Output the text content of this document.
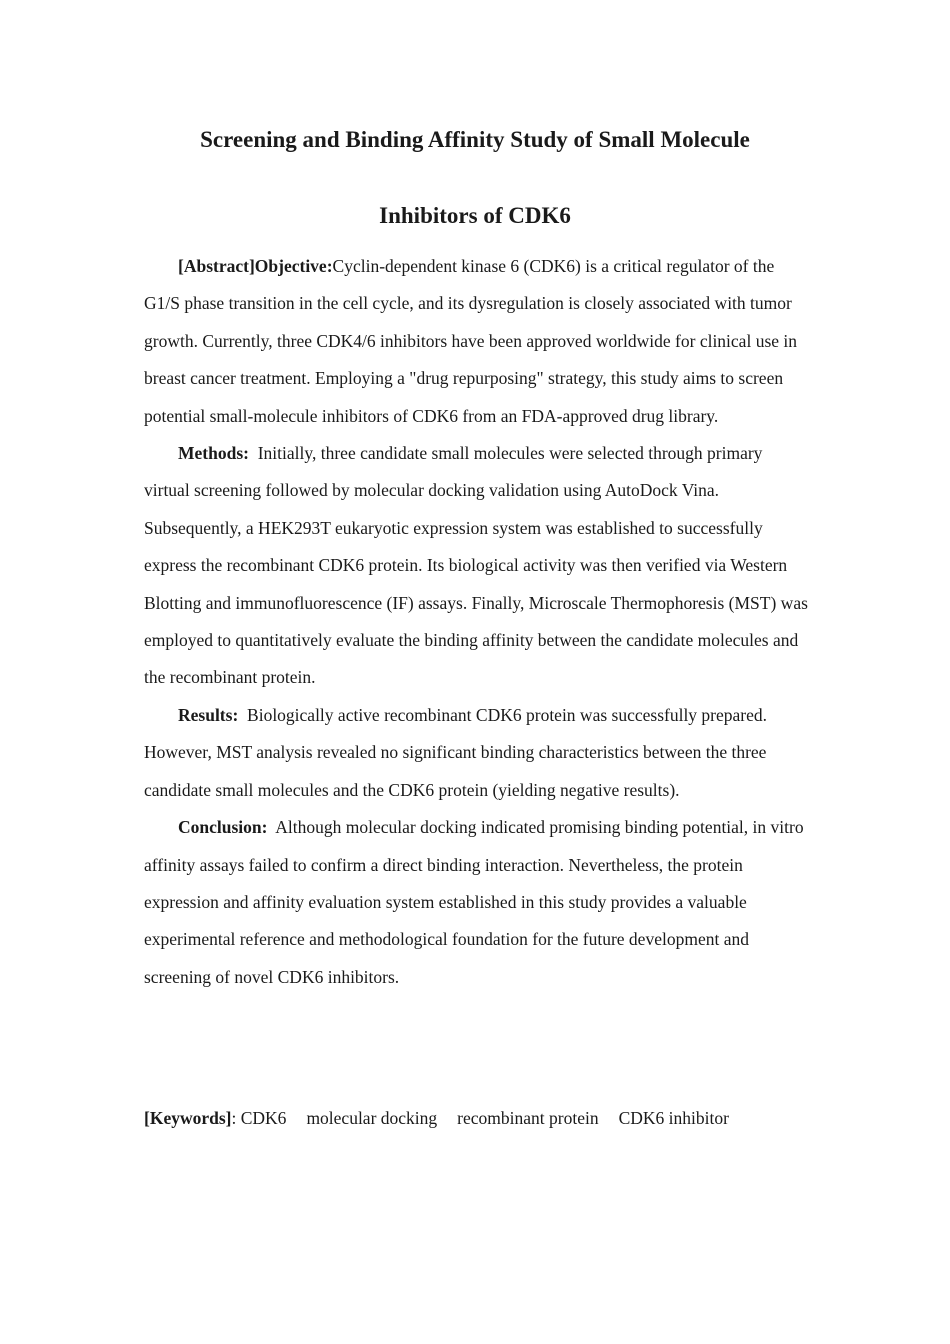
Screening and Binding Affinity Study of Small Molecule
Inhibitors of CDK6

[Abstract]Objective:Cyclin-dependent kinase 6 (CDK6) is a critical regulator of the G1/S phase transition in the cell cycle, and its dysregulation is closely associated with tumor growth. Currently, three CDK4/6 inhibitors have been approved worldwide for clinical use in breast cancer treatment. Employing a "drug repurposing" strategy, this study aims to screen potential small-molecule inhibitors of CDK6 from an FDA-approved drug library.

Methods: Initially, three candidate small molecules were selected through primary virtual screening followed by molecular docking validation using AutoDock Vina. Subsequently, a HEK293T eukaryotic expression system was established to successfully express the recombinant CDK6 protein. Its biological activity was then verified via Western Blotting and immunofluorescence (IF) assays. Finally, Microscale Thermophoresis (MST) was employed to quantitatively evaluate the binding affinity between the candidate molecules and the recombinant protein.

Results: Biologically active recombinant CDK6 protein was successfully prepared. However, MST analysis revealed no significant binding characteristics between the three candidate small molecules and the CDK6 protein (yielding negative results).

Conclusion: Although molecular docking indicated promising binding potential, in vitro affinity assays failed to confirm a direct binding interaction. Nevertheless, the protein expression and affinity evaluation system established in this study provides a valuable experimental reference and methodological foundation for the future development and screening of novel CDK6 inhibitors.

[Keywords]: CDK6 molecular docking recombinant protein CDK6 inhibitor
